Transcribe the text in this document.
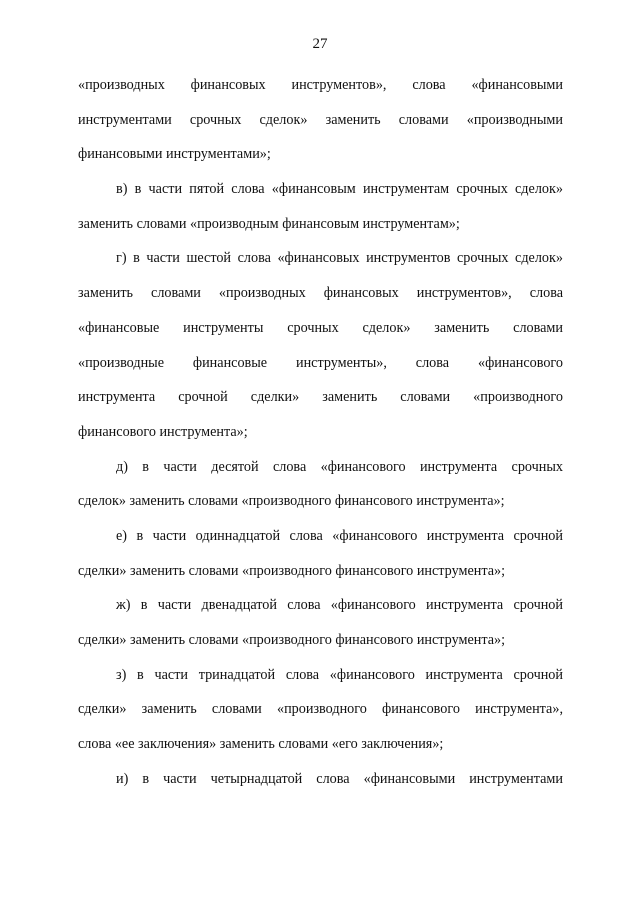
27
«производных финансовых инструментов», слова «финансовыми
инструментами срочных сделок» заменить словами «производными
финансовыми инструментами»;
в) в части пятой слова «финансовым инструментам срочных сделок»
заменить словами «производным финансовым инструментам»;
г) в части шестой слова «финансовых инструментов срочных сделок»
заменить словами «производных финансовых инструментов», слова
«финансовые инструменты срочных сделок» заменить словами
«производные финансовые инструменты», слова «финансового
инструмента срочной сделки» заменить словами «производного
финансового инструмента»;
д) в части десятой слова «финансового инструмента срочных
сделок» заменить словами «производного финансового инструмента»;
е) в части одиннадцатой слова «финансового инструмента срочной
сделки» заменить словами «производного финансового инструмента»;
ж) в части двенадцатой слова «финансового инструмента срочной
сделки» заменить словами «производного финансового инструмента»;
з) в части тринадцатой слова «финансового инструмента срочной
сделки» заменить словами «производного финансового инструмента»,
слова «ее заключения» заменить словами «его заключения»;
и) в части четырнадцатой слова «финансовыми инструментами
